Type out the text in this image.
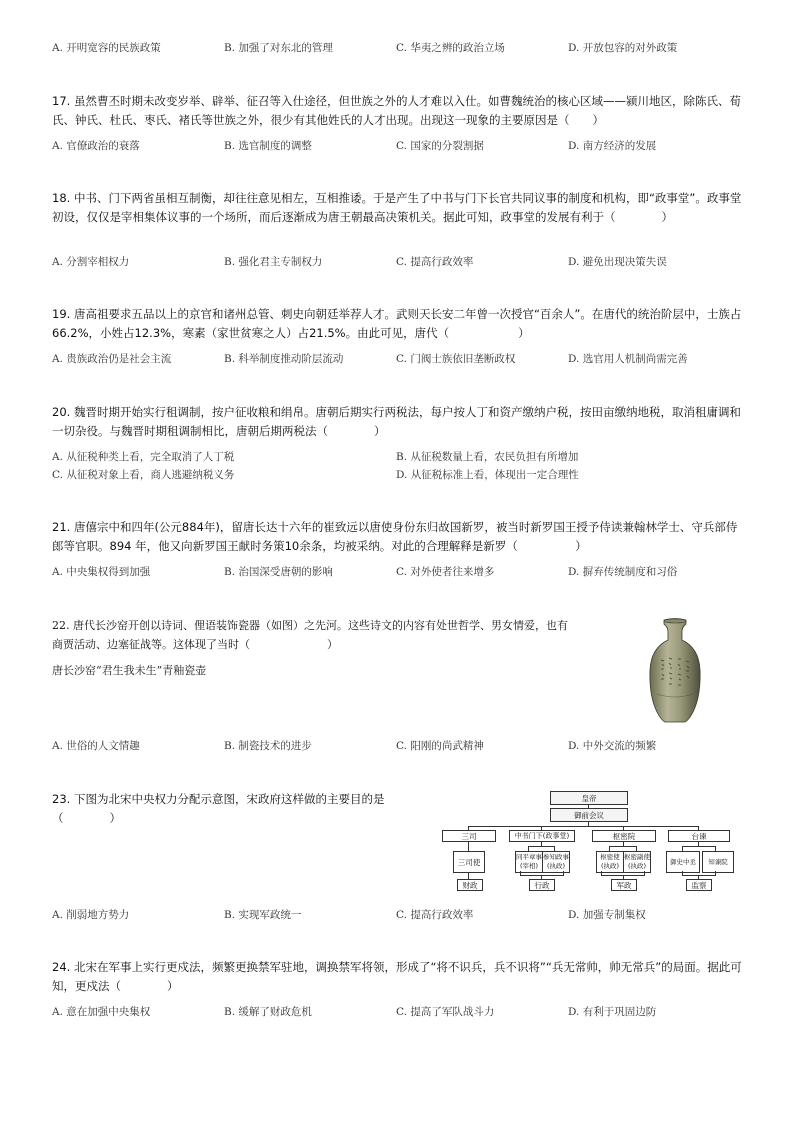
A. 开明宽容的民族政策	B. 加强了对东北的管理	C. 华夷之辨的政治立场	D. 开放包容的对外政策

17. 虽然曹丕时期未改变岁举、辟举、征召等入仕途径，但世族之外的人才难以入仕。如曹魏统治的核心区域——颍川地区，除陈氏、荀氏、钟氏、杜氏、枣氏、褚氏等世族之外，很少有其他姓氏的人才出现。出现这一现象的主要原因是（　　）

A. 官僚政治的衰落	B. 选官制度的调整	C. 国家的分裂割据	D. 南方经济的发展

18. 中书、门下两省虽相互制衡，却往往意见相左，互相推诿。于是产生了中书与门下长官共同议事的制度和机构，即“政事堂”。政事堂初设，仅仅是宰相集体议事的一个场所，而后逐渐成为唐王朝最高决策机关。据此可知，政事堂的发展有利于（　　　　）

A. 分割宰相权力	B. 强化君主专制权力	C. 提高行政效率	D. 避免出现决策失误

19. 唐高祖要求五品以上的京官和诸州总管、刺史向朝廷举荐人才。武则天长安二年曾一次授官“百余人”。在唐代的统治阶层中，士族占66.2%，小姓占12.3%，寒素（家世贫寒之人）占21.5%。由此可见，唐代（　　　　　　）

A. 贵族政治仍是社会主流	B. 科举制度推动阶层流动	C. 门阀士族依旧垄断政权	D. 选官用人机制尚需完善

20. 魏晋时期开始实行租调制，按户征收粮和绢帛。唐朝后期实行两税法，每户按人丁和资产缴纳户税，按田亩缴纳地税，取消租庸调和一切杂役。与魏晋时期租调制相比，唐朝后期两税法（　　　　）

A. 从征税种类上看，完全取消了人丁税	B. 从征税数量上看，农民负担有所增加
C. 从征税对象上看，商人逃避纳税义务	D. 从征税标准上看，体现出一定合理性

21. 唐僖宗中和四年(公元884年)，留唐长达十六年的崔致远以唐使身份东归故国新罗，被当时新罗国王授予侍读兼翰林学士、守兵部侍郎等官职。894 年，他又向新罗国王献时务策10余条，均被采纳。对此的合理解释是新罗（　　　　　）

A. 中央集权得到加强	B. 治国深受唐朝的影响	C. 对外使者往来增多	D. 摒弃传统制度和习俗

22. 唐代长沙窑开创以诗词、俚语装饰瓷器（如图）之先河。这些诗文的内容有处世哲学、男女情爱，也有商贾活动、边塞征战等。这体现了当时（　　　　　　　）

唐长沙窑“君生我未生”青釉瓷壶
A. 世俗的人文情趣	B. 制瓷技术的进步	C. 阳刚的尚武精神	D. 中外交流的频繁

23. 下图为北宋中央权力分配示意图，宋政府这样做的主要目的是（　　　　）

皇帝
御前会议
三司	中书门下(政事堂)	枢密院	台谏
三司使
同平章事
(宰相)
参知政事
(执政)
枢密使
(执政)
枢密副使
(执政)
御史中丞	知谏院
财政	行政	军政	监察
A. 削弱地方势力	B. 实现军政统一	C. 提高行政效率	D. 加强专制集权

24. 北宋在军事上实行更戍法，频繁更换禁军驻地，调换禁军将领，形成了“将不识兵，兵不识将”“兵无常帅，帅无常兵”的局面。据此可知，更戍法（　　　　）

A. 意在加强中央集权	B. 缓解了财政危机	C. 提高了军队战斗力	D. 有利于巩固边防
